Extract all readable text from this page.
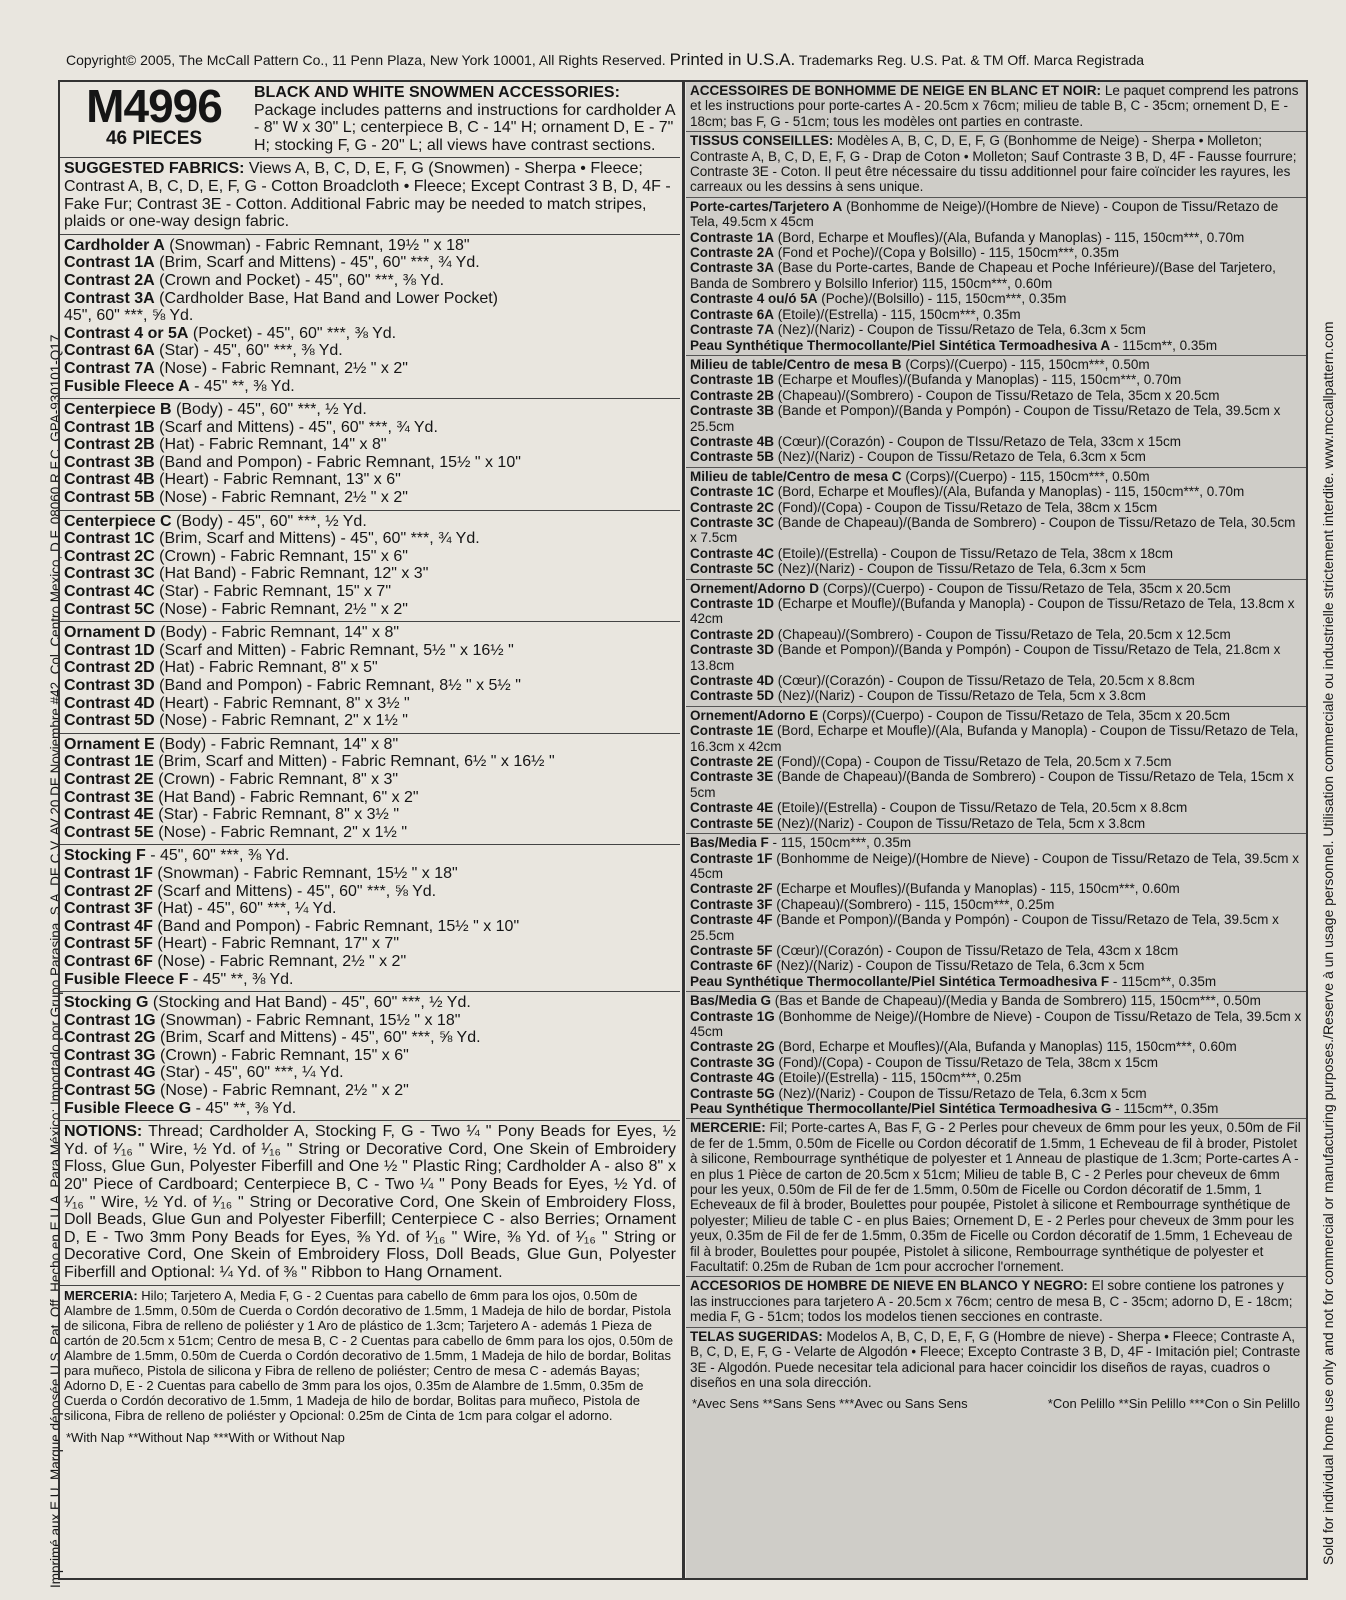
Copyright© 2005, The McCall Pattern Co., 11 Penn Plaza, New York 10001, All Rights Reserved. Printed in U.S.A. Trademarks Reg. U.S. Pat. & TM Off. Marca Registrada
Imprimé aux E.U. Marque déposée U.S. Pat. Off. Hecho en E.U.A. Para México: Importado por Grupo Parasina. S.A. DE C.V. AV 20 DE Noviembre #42. Col. Centro Mexico, D.F. 08060 R.F.C. GPA-930101-Q17	Sold for individual home use only and not for commercial or manufacturing purposes./Reserve à un usage personnel. Utilisation commerciale ou industrielle strictement interdite. www.mccallpattern.com
M4996
46 PIECES
BLACK AND WHITE SNOWMEN ACCESSORIES: Package includes patterns and instructions for cardholder A - 8" W x 30" L; centerpiece B, C - 14" H; ornament D, E - 7" H; stocking F, G - 20" L; all views have contrast sections.
SUGGESTED FABRICS: Views A, B, C, D, E, F, G (Snowmen) - Sherpa • Fleece; Contrast A, B, C, D, E, F, G - Cotton Broadcloth • Fleece; Except Contrast 3 B, D, 4F - Fake Fur; Contrast 3E - Cotton. Additional Fabric may be needed to match stripes, plaids or one-way design fabric.
Cardholder A (Snowman) - Fabric Remnant, 19½ " x 18"
Contrast 1A (Brim, Scarf and Mittens) - 45", 60" ***, ¾ Yd.
Contrast 2A (Crown and Pocket) - 45", 60" ***, ⅜ Yd.
Contrast 3A (Cardholder Base, Hat Band and Lower Pocket)
45", 60" ***, ⅝ Yd.
Contrast 4 or 5A (Pocket) - 45", 60" ***, ⅜ Yd.
Contrast 6A (Star) - 45", 60" ***, ⅜ Yd.
Contrast 7A (Nose) - Fabric Remnant, 2½ " x 2"
Fusible Fleece A - 45" **, ⅜ Yd.
Centerpiece B (Body) - 45", 60" ***, ½ Yd.
Contrast 1B (Scarf and Mittens) - 45", 60" ***, ¾ Yd.
Contrast 2B (Hat) - Fabric Remnant, 14" x 8"
Contrast 3B (Band and Pompon) - Fabric Remnant, 15½ " x 10"
Contrast 4B (Heart) - Fabric Remnant, 13" x 6"
Contrast 5B (Nose) - Fabric Remnant, 2½ " x 2"
Centerpiece C (Body) - 45", 60" ***, ½ Yd.
Contrast 1C (Brim, Scarf and Mittens) - 45", 60" ***, ¾ Yd.
Contrast 2C (Crown) - Fabric Remnant, 15" x 6"
Contrast 3C (Hat Band) - Fabric Remnant, 12" x 3"
Contrast 4C (Star) - Fabric Remnant, 15" x 7"
Contrast 5C (Nose) - Fabric Remnant, 2½ " x 2"
Ornament D (Body) - Fabric Remnant, 14" x 8"
Contrast 1D (Scarf and Mitten) - Fabric Remnant, 5½ " x 16½ "
Contrast 2D (Hat) - Fabric Remnant, 8" x 5"
Contrast 3D (Band and Pompon) - Fabric Remnant, 8½ " x 5½ "
Contrast 4D (Heart) - Fabric Remnant, 8" x 3½ "
Contrast 5D (Nose) - Fabric Remnant, 2" x 1½ "
Ornament E (Body) - Fabric Remnant, 14" x 8"
Contrast 1E (Brim, Scarf and Mitten) - Fabric Remnant, 6½ " x 16½ "
Contrast 2E (Crown) - Fabric Remnant, 8" x 3"
Contrast 3E (Hat Band) - Fabric Remnant, 6" x 2"
Contrast 4E (Star) - Fabric Remnant, 8" x 3½ "
Contrast 5E (Nose) - Fabric Remnant, 2" x 1½ "
Stocking F - 45", 60" ***, ⅜ Yd.
Contrast 1F (Snowman) - Fabric Remnant, 15½ " x 18"
Contrast 2F (Scarf and Mittens) - 45", 60" ***, ⅝ Yd.
Contrast 3F (Hat) - 45", 60" ***, ¼ Yd.
Contrast 4F (Band and Pompon) - Fabric Remnant, 15½ " x 10"
Contrast 5F (Heart) - Fabric Remnant, 17" x 7"
Contrast 6F (Nose) - Fabric Remnant, 2½ " x 2"
Fusible Fleece F - 45" **, ⅜ Yd.
Stocking G (Stocking and Hat Band) - 45", 60" ***, ½ Yd.
Contrast 1G (Snowman) - Fabric Remnant, 15½ " x 18"
Contrast 2G (Brim, Scarf and Mittens) - 45", 60" ***, ⅝ Yd.
Contrast 3G (Crown) - Fabric Remnant, 15" x 6"
Contrast 4G (Star) - 45", 60" ***, ¼ Yd.
Contrast 5G (Nose) - Fabric Remnant, 2½ " x 2"
Fusible Fleece G - 45" **, ⅜ Yd.
NOTIONS: Thread; Cardholder A, Stocking F, G - Two ¼ " Pony Beads for Eyes, ½ Yd. of ¹⁄₁₆ " Wire, ½ Yd. of ¹⁄₁₆ " String or Decorative Cord, One Skein of Embroidery Floss, Glue Gun, Polyester Fiberfill and One ½ " Plastic Ring; Cardholder A - also 8" x 20" Piece of Cardboard; Centerpiece B, C - Two ¼ " Pony Beads for Eyes, ½ Yd. of ¹⁄₁₆ " Wire, ½ Yd. of ¹⁄₁₆ " String or Decorative Cord, One Skein of Embroidery Floss, Doll Beads, Glue Gun and Polyester Fiberfill; Centerpiece C - also Berries; Ornament D, E - Two 3mm Pony Beads for Eyes, ⅜ Yd. of ¹⁄₁₆ " Wire, ⅜ Yd. of ¹⁄₁₆ " String or Decorative Cord, One Skein of Embroidery Floss, Doll Beads, Glue Gun, Polyester Fiberfill and Optional: ¼ Yd. of ⅜ " Ribbon to Hang Ornament.
MERCERIA: Hilo; Tarjetero A, Media F, G - 2 Cuentas para cabello de 6mm para los ojos, 0.50m de Alambre de 1.5mm, 0.50m de Cuerda o Cordón decorativo de 1.5mm, 1 Madeja de hilo de bordar, Pistola de silicona, Fibra de relleno de poliéster y 1 Aro de plástico de 1.3cm; Tarjetero A - además 1 Pieza de cartón de 20.5cm x 51cm; Centro de mesa B, C - 2 Cuentas para cabello de 6mm para los ojos, 0.50m de Alambre de 1.5mm, 0.50m de Cuerda o Cordón decorativo de 1.5mm, 1 Madeja de hilo de bordar, Bolitas para muñeco, Pistola de silicona y Fibra de relleno de poliéster; Centro de mesa C - además Bayas; Adorno D, E - 2 Cuentas para cabello de 3mm para los ojos, 0.35m de Alambre de 1.5mm, 0.35m de Cuerda o Cordón decorativo de 1.5mm, 1 Madeja de hilo de bordar, Bolitas para muñeco, Pistola de silicona, Fibra de relleno de poliéster y Opcional: 0.25m de Cinta de 1cm para colgar el adorno.
*With Nap **Without Nap ***With or Without Nap
ACCESSOIRES DE BONHOMME DE NEIGE EN BLANC ET NOIR: Le paquet comprend les patrons et les instructions pour porte-cartes A - 20.5cm x 76cm; milieu de table B, C - 35cm; ornement D, E - 18cm; bas F, G - 51cm; tous les modèles ont parties en contraste.
TISSUS CONSEILLES: Modèles A, B, C, D, E, F, G (Bonhomme de Neige) - Sherpa • Molleton; Contraste A, B, C, D, E, F, G - Drap de Coton • Molleton; Sauf Contraste 3 B, D, 4F - Fausse fourrure; Contraste 3E - Coton. Il peut être nécessaire du tissu additionnel pour faire coïncider les rayures, les carreaux ou les dessins à sens unique.
Porte-cartes/Tarjetero A (Bonhomme de Neige)/(Hombre de Nieve) - Coupon de Tissu/Retazo de Tela, 49.5cm x 45cm
Contraste 1A (Bord, Echarpe et Moufles)/(Ala, Bufanda y Manoplas) - 115, 150cm***, 0.70m
Contraste 2A (Fond et Poche)/(Copa y Bolsillo) - 115, 150cm***, 0.35m
Contraste 3A (Base du Porte-cartes, Bande de Chapeau et Poche Inférieure)/(Base del Tarjetero, Banda de Sombrero y Bolsillo Inferior) 115, 150cm***, 0.60m
Contraste 4 ou/ó 5A (Poche)/(Bolsillo) - 115, 150cm***, 0.35m
Contraste 6A (Etoile)/(Estrella) - 115, 150cm***, 0.35m
Contraste 7A (Nez)/(Nariz) - Coupon de Tissu/Retazo de Tela, 6.3cm x 5cm
Peau Synthétique Thermocollante/Piel Sintética Termoadhesiva A - 115cm**, 0.35m
Milieu de table/Centro de mesa B (Corps)/(Cuerpo) - 115, 150cm***, 0.50m
Contraste 1B (Echarpe et Moufles)/(Bufanda y Manoplas) - 115, 150cm***, 0.70m
Contraste 2B (Chapeau)/(Sombrero) - Coupon de Tissu/Retazo de Tela, 35cm x 20.5cm
Contraste 3B (Bande et Pompon)/(Banda y Pompón) - Coupon de Tissu/Retazo de Tela, 39.5cm x 25.5cm
Contraste 4B (Cœur)/(Corazón) - Coupon de TIssu/Retazo de Tela, 33cm x 15cm
Contraste 5B (Nez)/(Nariz) - Coupon de Tissu/Retazo de Tela, 6.3cm x 5cm
Milieu de table/Centro de mesa C (Corps)/(Cuerpo) - 115, 150cm***, 0.50m
Contraste 1C (Bord, Echarpe et Moufles)/(Ala, Bufanda y Manoplas) - 115, 150cm***, 0.70m
Contraste 2C (Fond)/(Copa) - Coupon de Tissu/Retazo de Tela, 38cm x 15cm
Contraste 3C (Bande de Chapeau)/(Banda de Sombrero) - Coupon de Tissu/Retazo de Tela, 30.5cm x 7.5cm
Contraste 4C (Etoile)/(Estrella) - Coupon de Tissu/Retazo de Tela, 38cm x 18cm
Contraste 5C (Nez)/(Nariz) - Coupon de Tissu/Retazo de Tela, 6.3cm x 5cm
Ornement/Adorno D (Corps)/(Cuerpo) - Coupon de Tissu/Retazo de Tela, 35cm x 20.5cm
Contraste 1D (Echarpe et Moufle)/(Bufanda y Manopla) - Coupon de Tissu/Retazo de Tela, 13.8cm x 42cm
Contraste 2D (Chapeau)/(Sombrero) - Coupon de Tissu/Retazo de Tela, 20.5cm x 12.5cm
Contraste 3D (Bande et Pompon)/(Banda y Pompón) - Coupon de Tissu/Retazo de Tela, 21.8cm x 13.8cm
Contraste 4D (Cœur)/(Corazón) - Coupon de Tissu/Retazo de Tela, 20.5cm x 8.8cm
Contraste 5D (Nez)/(Nariz) - Coupon de Tissu/Retazo de Tela, 5cm x 3.8cm
Ornement/Adorno E (Corps)/(Cuerpo) - Coupon de Tissu/Retazo de Tela, 35cm x 20.5cm
Contraste 1E (Bord, Echarpe et Moufle)/(Ala, Bufanda y Manopla) - Coupon de Tissu/Retazo de Tela, 16.3cm x 42cm
Contraste 2E (Fond)/(Copa) - Coupon de Tissu/Retazo de Tela, 20.5cm x 7.5cm
Contraste 3E (Bande de Chapeau)/(Banda de Sombrero) - Coupon de Tissu/Retazo de Tela, 15cm x 5cm
Contraste 4E (Etoile)/(Estrella) - Coupon de Tissu/Retazo de Tela, 20.5cm x 8.8cm
Contraste 5E (Nez)/(Nariz) - Coupon de Tissu/Retazo de Tela, 5cm x 3.8cm
Bas/Media F - 115, 150cm***, 0.35m
Contraste 1F (Bonhomme de Neige)/(Hombre de Nieve) - Coupon de Tissu/Retazo de Tela, 39.5cm x 45cm
Contraste 2F (Echarpe et Moufles)/(Bufanda y Manoplas) - 115, 150cm***, 0.60m
Contraste 3F (Chapeau)/(Sombrero) - 115, 150cm***, 0.25m
Contraste 4F (Bande et Pompon)/(Banda y Pompón) - Coupon de Tissu/Retazo de Tela, 39.5cm x 25.5cm
Contraste 5F (Cœur)/(Corazón) - Coupon de Tissu/Retazo de Tela, 43cm x 18cm
Contraste 6F (Nez)/(Nariz) - Coupon de Tissu/Retazo de Tela, 6.3cm x 5cm
Peau Synthétique Thermocollante/Piel Sintética Termoadhesiva F - 115cm**, 0.35m
Bas/Media G (Bas et Bande de Chapeau)/(Media y Banda de Sombrero) 115, 150cm***, 0.50m
Contraste 1G (Bonhomme de Neige)/(Hombre de Nieve) - Coupon de Tissu/Retazo de Tela, 39.5cm x 45cm
Contraste 2G (Bord, Echarpe et Moufles)/(Ala, Bufanda y Manoplas) 115, 150cm***, 0.60m
Contraste 3G (Fond)/(Copa) - Coupon de Tissu/Retazo de Tela, 38cm x 15cm
Contraste 4G (Etoile)/(Estrella) - 115, 150cm***, 0.25m
Contraste 5G (Nez)/(Nariz) - Coupon de Tissu/Retazo de Tela, 6.3cm x 5cm
Peau Synthétique Thermocollante/Piel Sintética Termoadhesiva G - 115cm**, 0.35m
MERCERIE: Fil; Porte-cartes A, Bas F, G - 2 Perles pour cheveux de 6mm pour les yeux, 0.50m de Fil de fer de 1.5mm, 0.50m de Ficelle ou Cordon décoratif de 1.5mm, 1 Echeveau de fil à broder, Pistolet à silicone, Rembourrage synthétique de polyester et 1 Anneau de plastique de 1.3cm; Porte-cartes A - en plus 1 Pièce de carton de 20.5cm x 51cm; Milieu de table B, C - 2 Perles pour cheveux de 6mm pour les yeux, 0.50m de Fil de fer de 1.5mm, 0.50m de Ficelle ou Cordon décoratif de 1.5mm, 1 Echeveaux de fil à broder, Boulettes pour poupée, Pistolet à silicone et Rembourrage synthétique de polyester; Milieu de table C - en plus Baies; Ornement D, E - 2 Perles pour cheveux de 3mm pour les yeux, 0.35m de Fil de fer de 1.5mm, 0.35m de Ficelle ou Cordon décoratif de 1.5mm, 1 Echeveau de fil à broder, Boulettes pour poupée, Pistolet à silicone, Rembourrage synthétique de polyester et Facultatif: 0.25m de Ruban de 1cm pour accrocher l'ornement.
ACCESORIOS DE HOMBRE DE NIEVE EN BLANCO Y NEGRO: El sobre contiene los patrones y las instrucciones para tarjetero A - 20.5cm x 76cm; centro de mesa B, C - 35cm; adorno D, E - 18cm; media F, G - 51cm; todos los modelos tienen secciones en contraste.
TELAS SUGERIDAS: Modelos A, B, C, D, E, F, G (Hombre de nieve) - Sherpa • Fleece; Contraste A, B, C, D, E, F, G - Velarte de Algodón • Fleece; Excepto Contraste 3 B, D, 4F - Imitación piel; Contraste 3E - Algodón. Puede necesitar tela adicional para hacer coincidir los diseños de rayas, cuadros o diseños en una sola dirección.
*Avec Sens **Sans Sens ***Avec ou Sans Sens	*Con Pelillo **Sin Pelillo ***Con o Sin Pelillo
